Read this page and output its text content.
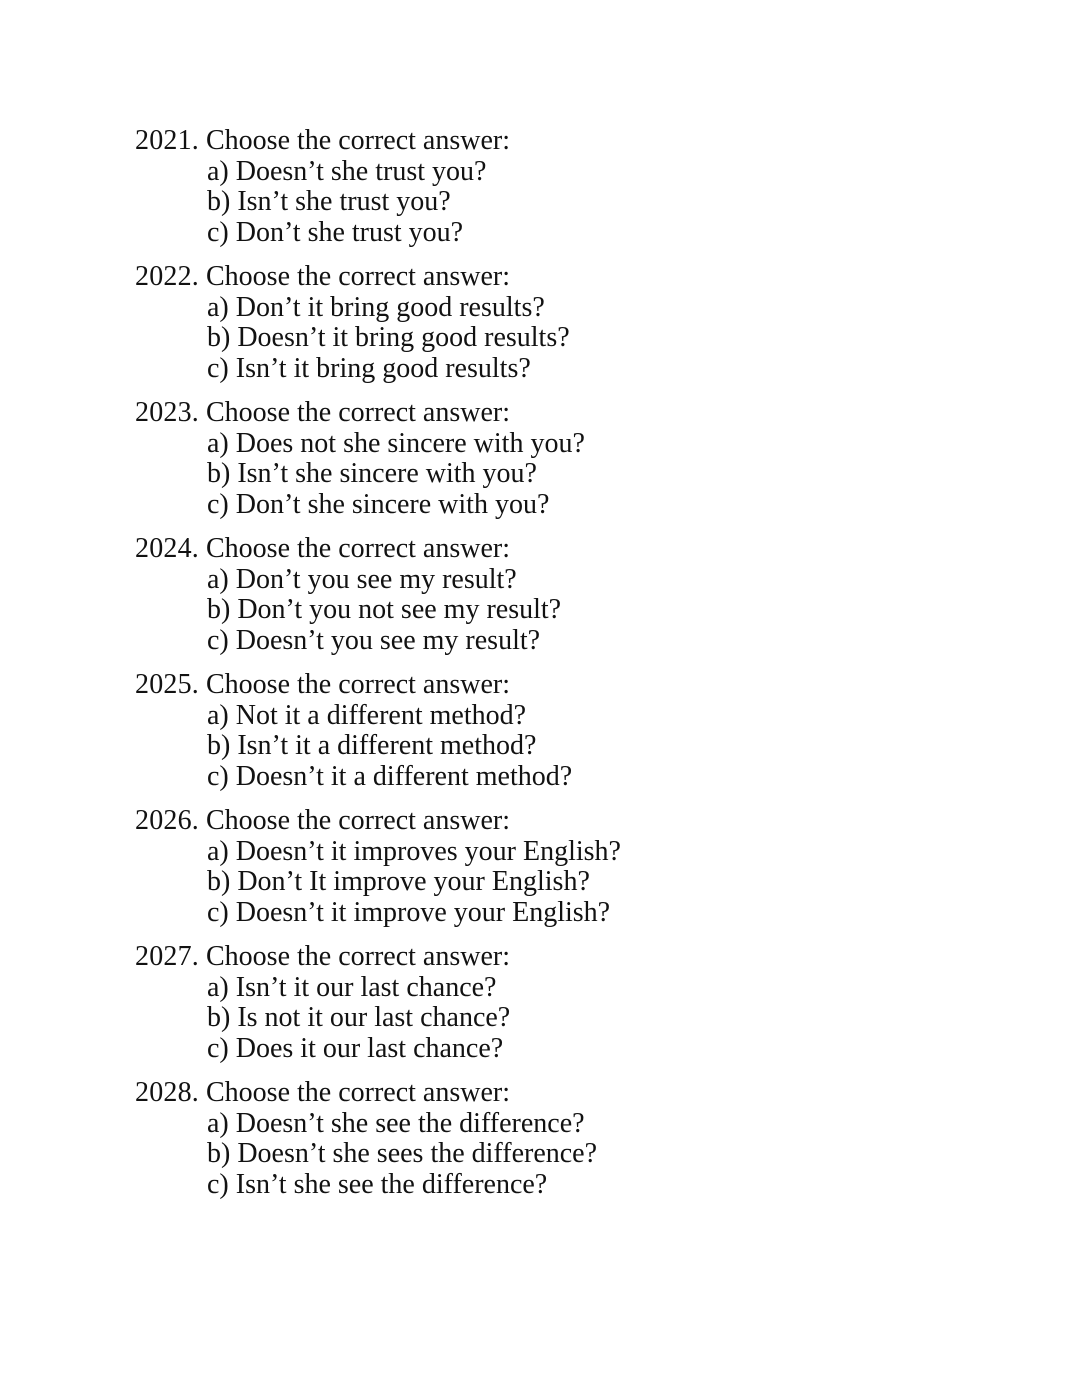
2021. Choose the correct answer:

a) Doesn’t she trust you?

b) Isn’t she trust you?

c) Don’t she trust you?

2022. Choose the correct answer:

a) Don’t it bring good results?

b) Doesn’t it bring good results?

c) Isn’t it bring good results?

2023. Choose the correct answer:

a) Does not she sincere with you?

b) Isn’t she sincere with you?

c) Don’t she sincere with you?

2024. Choose the correct answer:

a) Don’t you see my result?

b) Don’t you not see my result?

c) Doesn’t you see my result?

2025. Choose the correct answer:

a) Not it a different method?

b) Isn’t it a different method?

c) Doesn’t it a different method?

2026. Choose the correct answer:

a) Doesn’t it improves your English?

b) Don’t It improve your English?

c) Doesn’t it improve your English?

2027. Choose the correct answer:

a) Isn’t it our last chance?

b) Is not it our last chance?

c) Does it our last chance?

2028. Choose the correct answer:

a) Doesn’t she see the difference?

b) Doesn’t she sees the difference?

c) Isn’t she see the difference?
